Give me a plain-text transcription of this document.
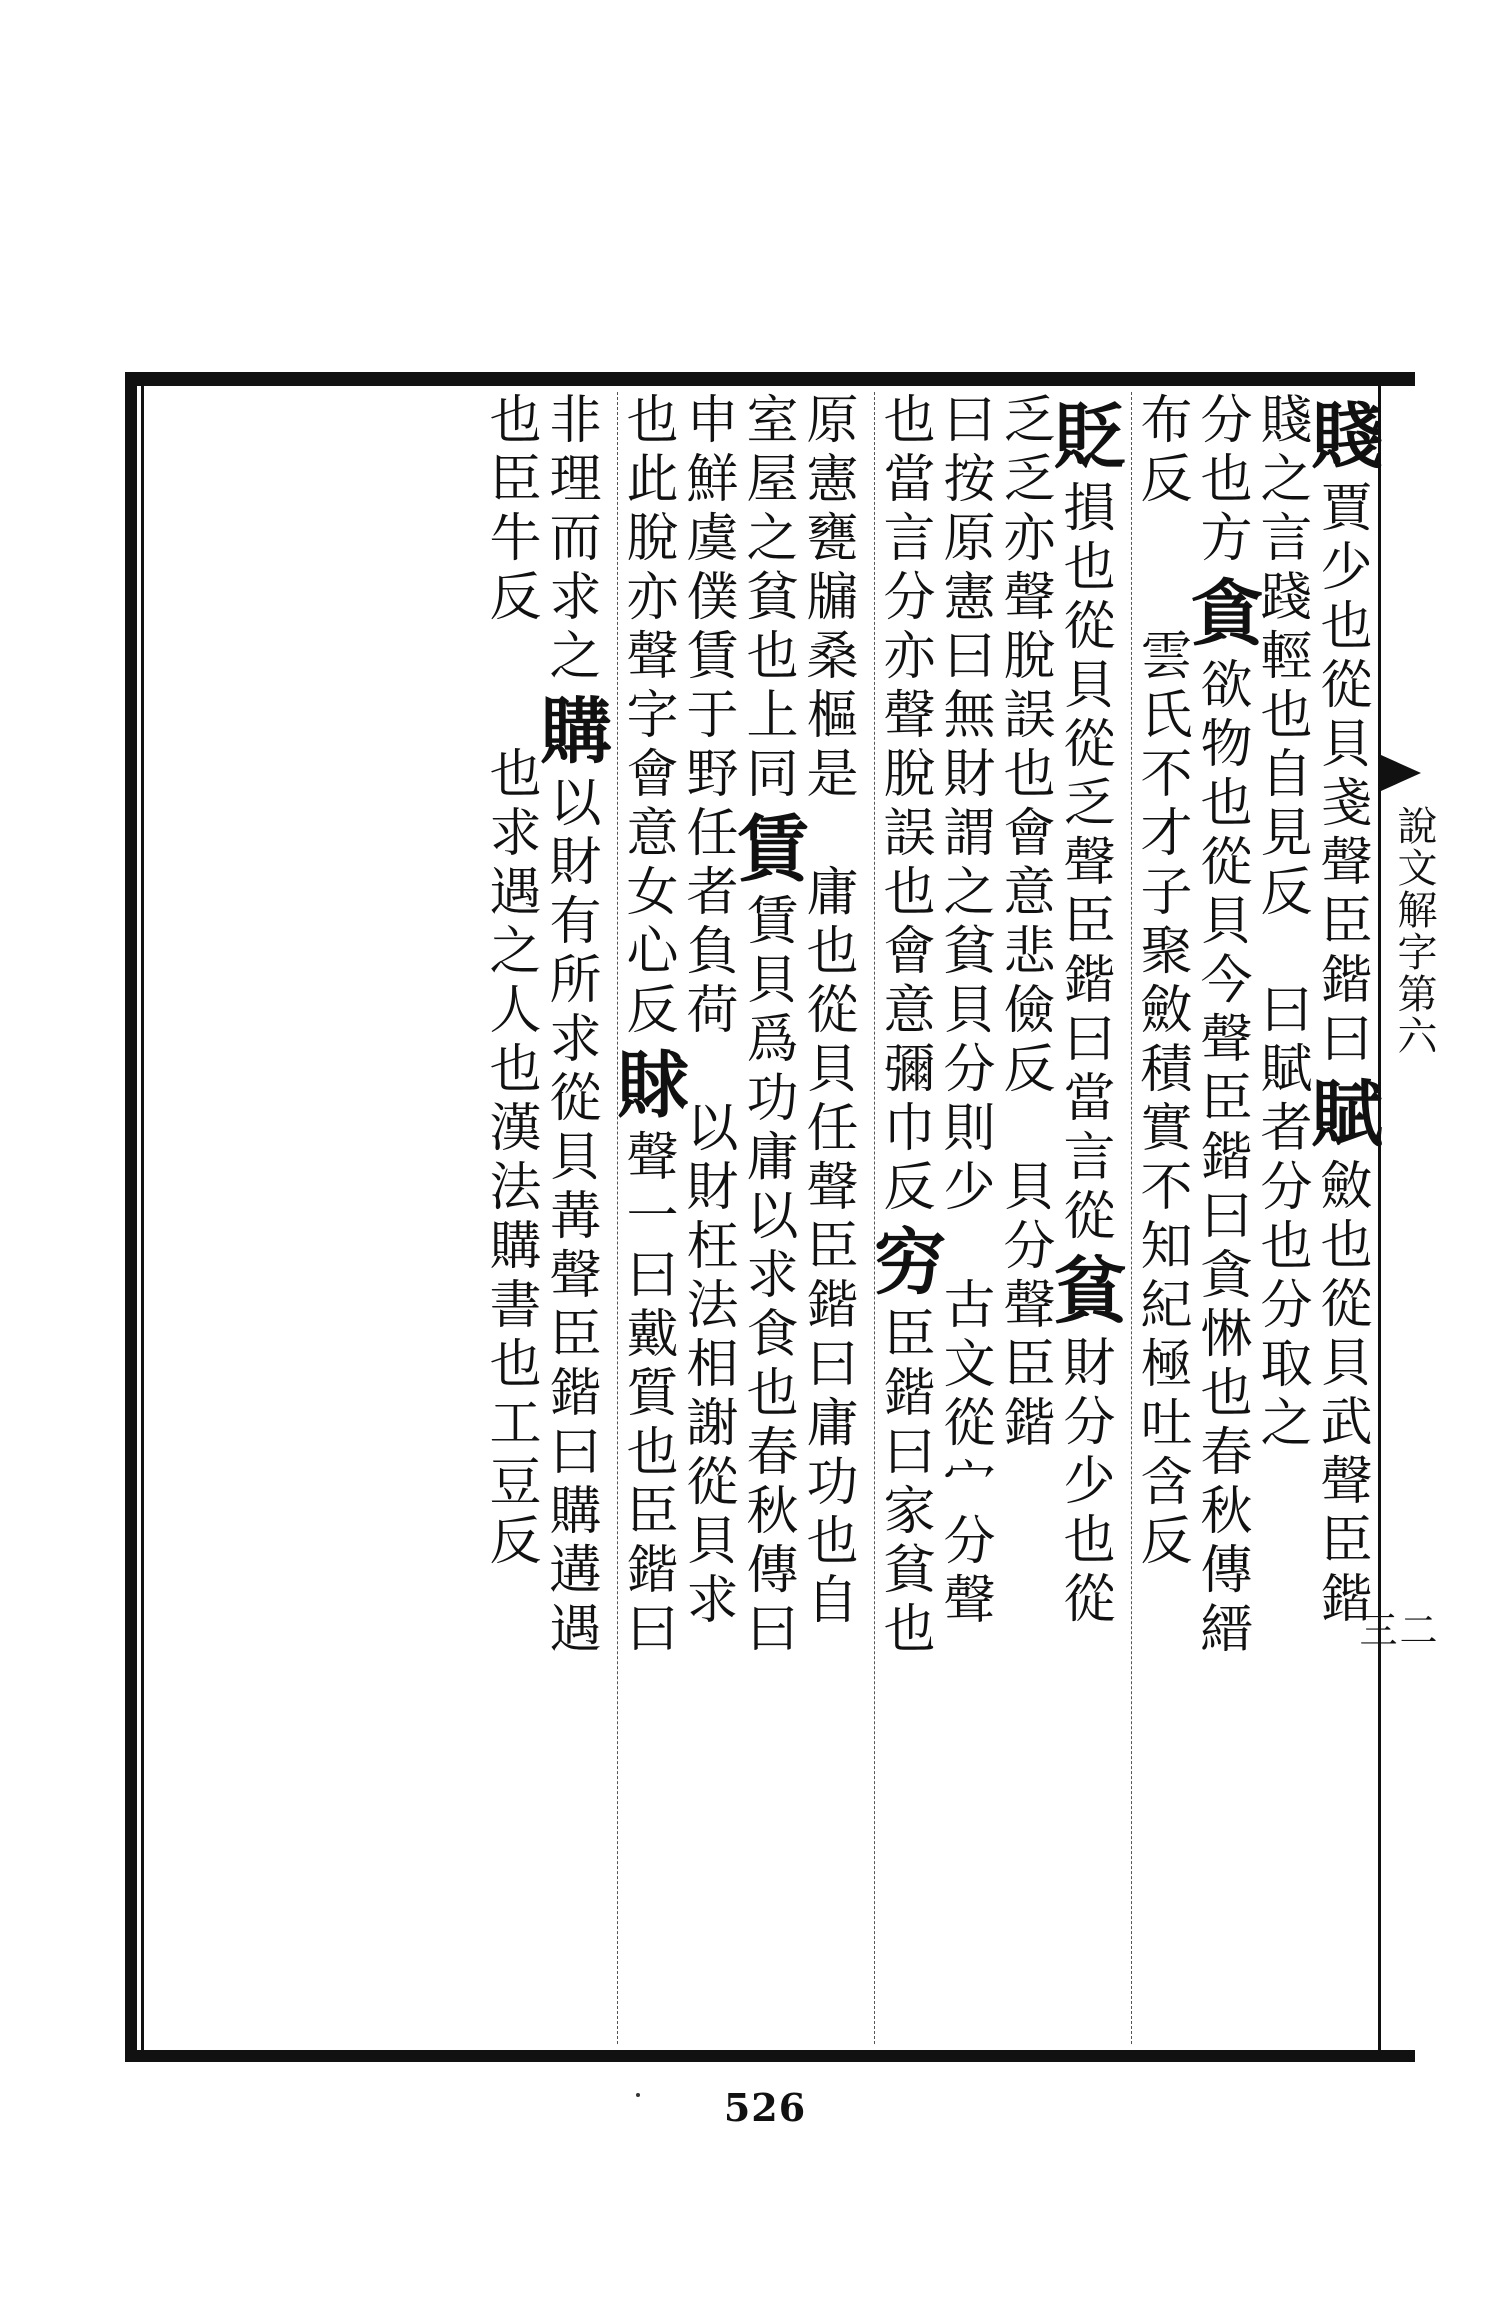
說文解字第六
二三
賤賈少也從貝戔聲臣鍇曰賦斂也從貝武聲臣鍇
賤之言踐輕也自見反　曰賦者分也分取之
分也方貪欲物也從貝今聲臣鍇曰貪惏也春秋傳縉
布反　　雲氏不才子聚斂積實不知紀極吐含反
貶損也從貝從乏聲臣鍇曰當言從貧財分少也從
乏乏亦聲脫誤也會意悲儉反　貝分聲臣鍇
曰按原憲曰無財謂之貧貝分則少　古文從宀分聲
也當言分亦聲脫誤也會意彌巾反穷臣鍇曰家貧也
原憲甕牖桑樞是　庸也從貝任聲臣鍇曰庸功也自
室屋之貧也上同賃賃貝爲功庸以求食也春秋傳曰
申鮮虞僕賃于野任者負荷　以財枉法相謝從貝求
也此脫亦聲字會意女心反賕聲一曰戴質也臣鍇曰
非理而求之購以財有所求從貝冓聲臣鍇曰購遘遇
也臣牛反　　也求遇之人也漢法購書也工豆反
526
